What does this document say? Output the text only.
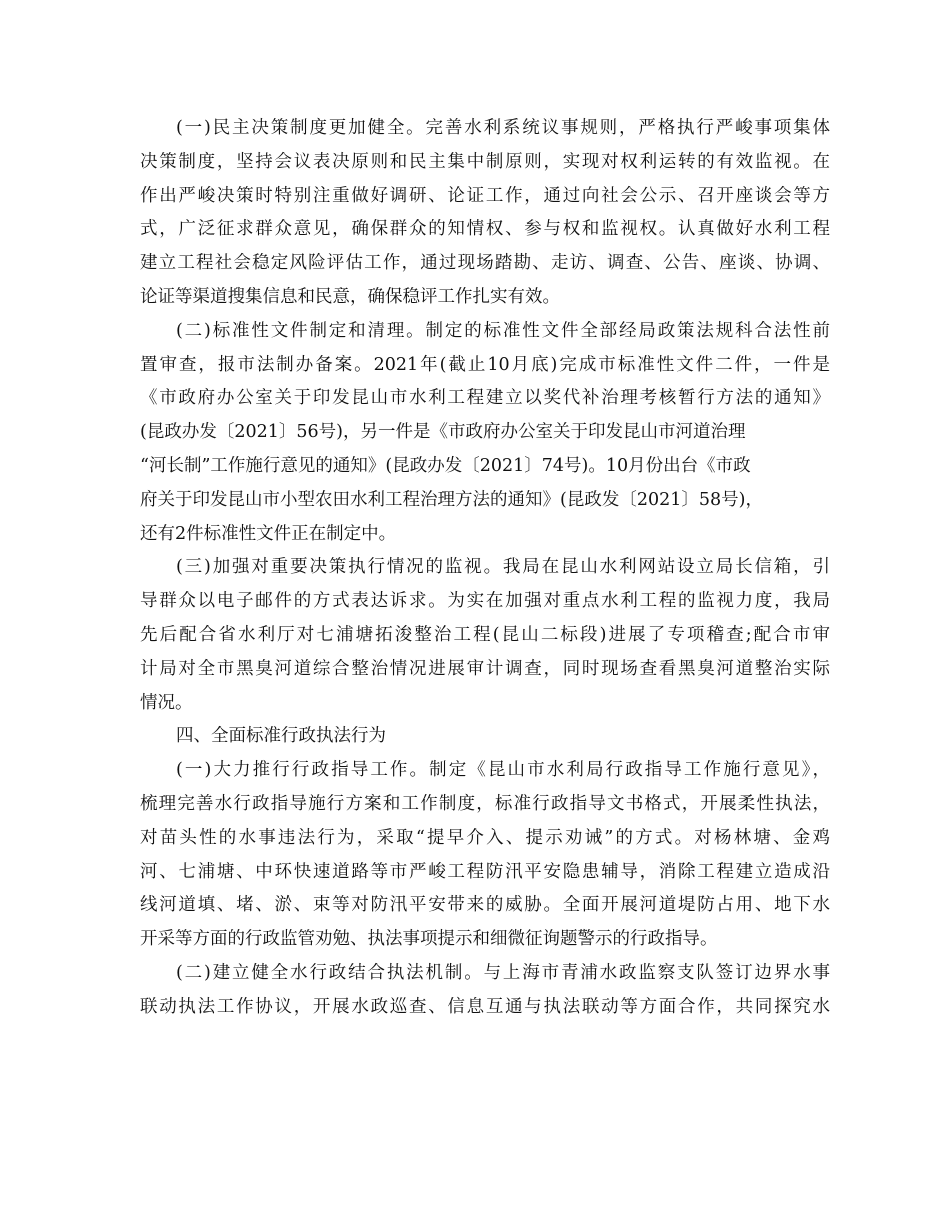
(一)民主决策制度更加健全。完善水利系统议事规则，严格执行严峻事项集体
决策制度，坚持会议表决原则和民主集中制原则，实现对权利运转的有效监视。在
作出严峻决策时特别注重做好调研、论证工作，通过向社会公示、召开座谈会等方
式，广泛征求群众意见，确保群众的知情权、参与权和监视权。认真做好水利工程
建立工程社会稳定风险评估工作，通过现场踏勘、走访、调查、公告、座谈、协调、
论证等渠道搜集信息和民意，确保稳评工作扎实有效。
(二)标准性文件制定和清理。制定的标准性文件全部经局政策法规科合法性前
置审查，报市法制办备案。2021年(截止10月底)完成市标准性文件二件，一件是
《市政府办公室关于印发昆山市水利工程建立以奖代补治理考核暂行方法的通知》
(昆政办发〔2021〕56号)，另一件是《市政府办公室关于印发昆山市河道治理
“河长制”工作施行意见的通知》(昆政办发〔2021〕74号)。10月份出台《市政
府关于印发昆山市小型农田水利工程治理方法的通知》(昆政发〔2021〕58号)，
还有2件标准性文件正在制定中。
(三)加强对重要决策执行情况的监视。我局在昆山水利网站设立局长信箱，引
导群众以电子邮件的方式表达诉求。为实在加强对重点水利工程的监视力度，我局
先后配合省水利厅对七浦塘拓浚整治工程(昆山二标段)进展了专项稽查;配合市审
计局对全市黑臭河道综合整治情况进展审计调查，同时现场查看黑臭河道整治实际
情况。
四、全面标准行政执法行为
(一)大力推行行政指导工作。制定《昆山市水利局行政指导工作施行意见》，
梳理完善水行政指导施行方案和工作制度，标准行政指导文书格式，开展柔性执法，
对苗头性的水事违法行为，采取“提早介入、提示劝诫”的方式。对杨林塘、金鸡
河、七浦塘、中环快速道路等市严峻工程防汛平安隐患辅导，消除工程建立造成沿
线河道填、堵、淤、束等对防汛平安带来的威胁。全面开展河道堤防占用、地下水
开采等方面的行政监管劝勉、执法事项提示和细微征询题警示的行政指导。
(二)建立健全水行政结合执法机制。与上海市青浦水政监察支队签订边界水事
联动执法工作协议，开展水政巡查、信息互通与执法联动等方面合作，共同探究水
